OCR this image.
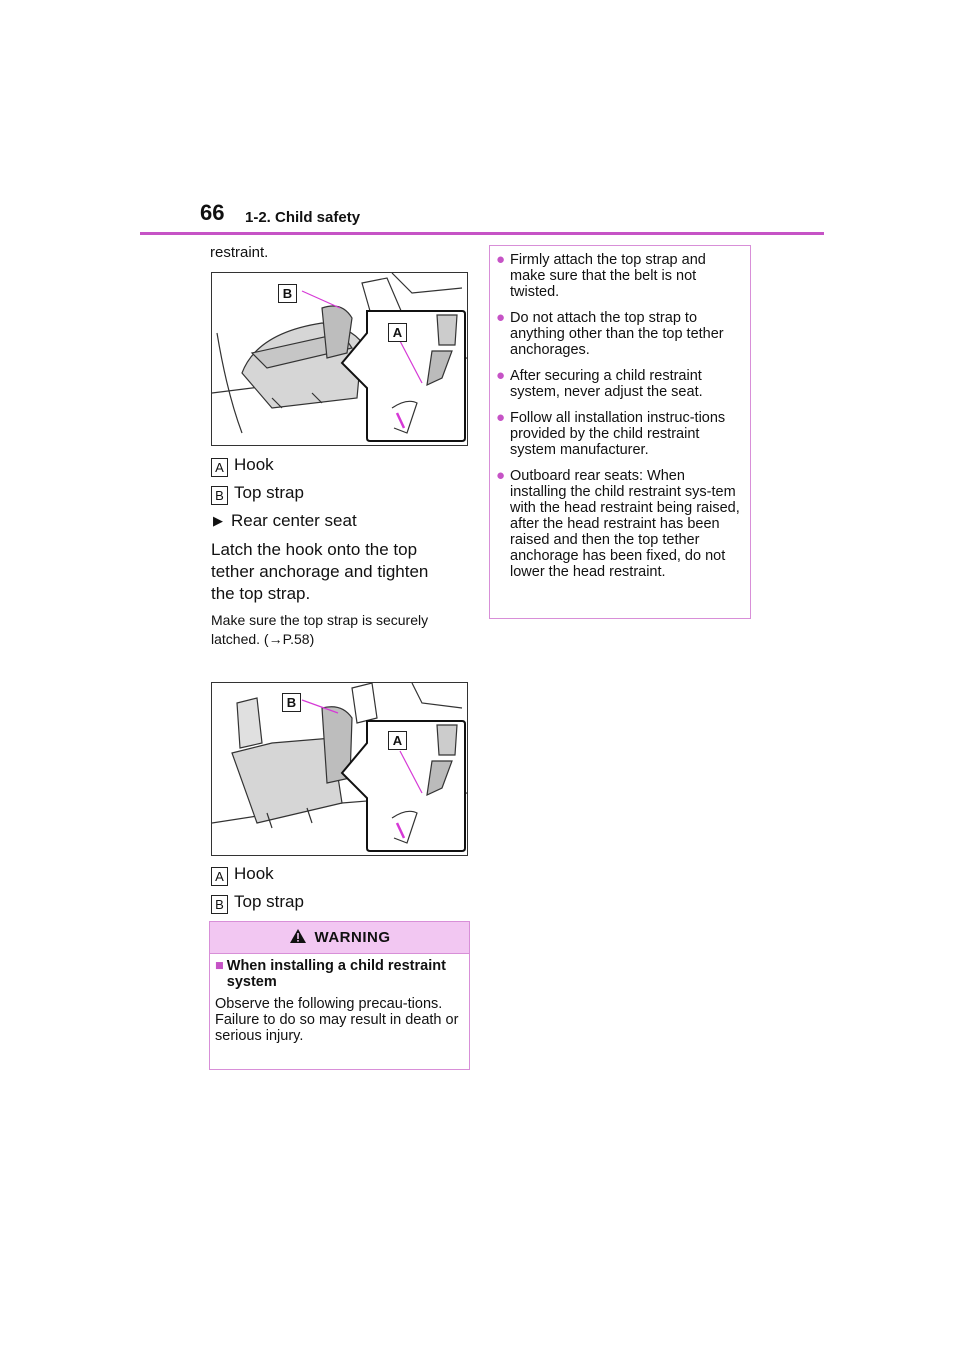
66 1-2. Child safety
restraint.
B
A
A Hook
B Top strap
▶ Rear center seat
Latch the hook onto the top tether anchorage and tighten the top strap.
Make sure the top strap is securely latched. (→P.58)
B
A
A Hook
B Top strap
WARNING
■ When installing a child restraint system
Observe the following precau-tions.
Failure to do so may result in death or serious injury.
● Firmly attach the top strap and make sure that the belt is not twisted.
● Do not attach the top strap to anything other than the top tether anchorages.
● After securing a child restraint system, never adjust the seat.
● Follow all installation instruc-tions provided by the child restraint system manufacturer.
● Outboard rear seats: When installing the child restraint sys-tem with the head restraint being raised, after the head restraint has been raised and then the top tether anchorage has been fixed, do not lower the head restraint.
